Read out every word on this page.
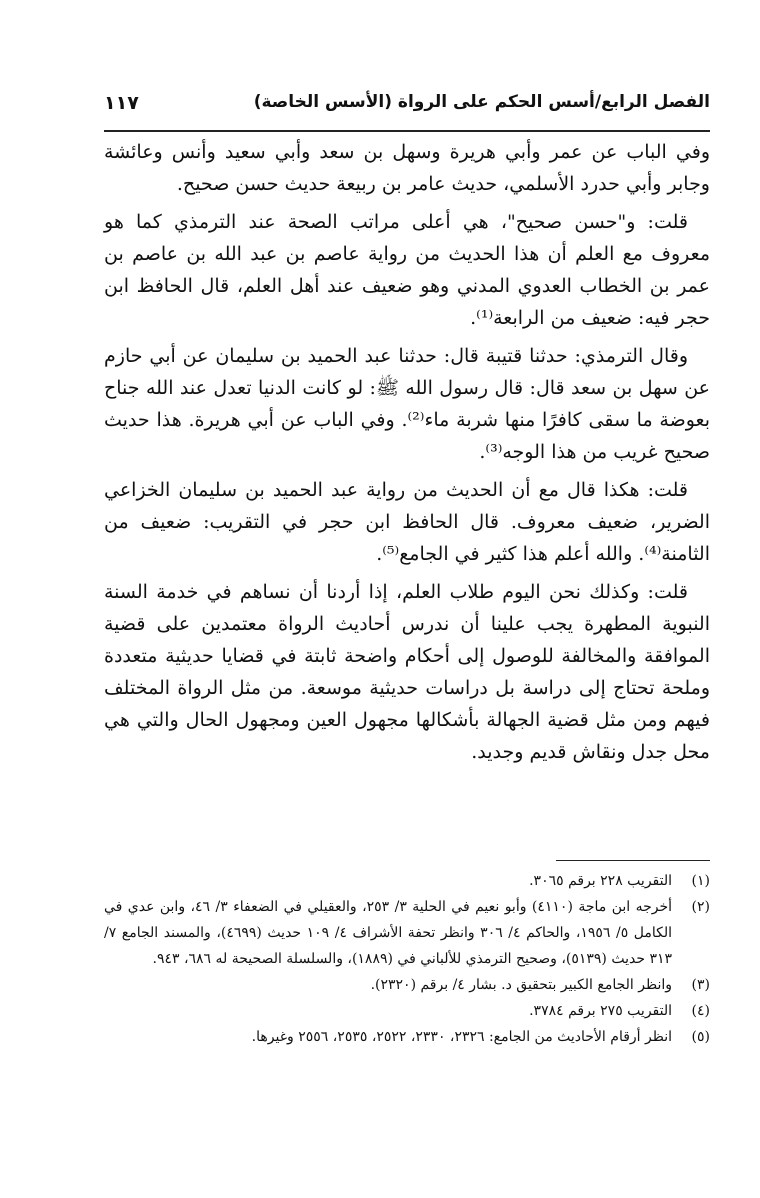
الفصل الرابع/أسس الحكم على الرواة (الأسس الخاصة)
١١٧

وفي الباب عن عمر وأبي هريرة وسهل بن سعد وأبي سعيد وأنس وعائشة وجابر وأبي حدرد الأسلمي، حديث عامر بن ربيعة حديث حسن صحيح.

قلت: و"حسن صحيح"، هي أعلى مراتب الصحة عند الترمذي كما هو معروف مع العلم أن هذا الحديث من رواية عاصم بن عبد الله بن عاصم بن عمر بن الخطاب العدوي المدني وهو ضعيف عند أهل العلم، قال الحافظ ابن حجر فيه: ضعيف من الرابعة⁽¹⁾.

وقال الترمذي: حدثنا قتيبة قال: حدثنا عبد الحميد بن سليمان عن أبي حازم عن سهل بن سعد قال: قال رسول الله ﷺ: لو كانت الدنيا تعدل عند الله جناح بعوضة ما سقى كافرًا منها شربة ماء⁽²⁾. وفي الباب عن أبي هريرة. هذا حديث صحيح غريب من هذا الوجه⁽³⁾.

قلت: هكذا قال مع أن الحديث من رواية عبد الحميد بن سليمان الخزاعي الضرير، ضعيف معروف. قال الحافظ ابن حجر في التقريب: ضعيف من الثامنة⁽⁴⁾. والله أعلم هذا كثير في الجامع⁽⁵⁾.

قلت: وكذلك نحن اليوم طلاب العلم، إذا أردنا أن نساهم في خدمة السنة النبوية المطهرة يجب علينا أن ندرس أحاديث الرواة معتمدين على قضية الموافقة والمخالفة للوصول إلى أحكام واضحة ثابتة في قضايا حديثية متعددة وملحة تحتاج إلى دراسة بل دراسات حديثية موسعة. من مثل الرواة المختلف فيهم ومن مثل قضية الجهالة بأشكالها مجهول العين ومجهول الحال والتي هي محل جدل ونقاش قديم وجديد.

(١)
التقريب ٢٢٨ برقم ٣٠٦٥.
(٢)
أخرجه ابن ماجة (٤١١٠) وأبو نعيم في الحلية ٣/ ٢٥٣، والعقيلي في الضعفاء ٣/ ٤٦، وابن عدي في الكامل ٥/ ١٩٥٦، والحاكم ٤/ ٣٠٦ وانظر تحفة الأشراف ٤/ ١٠٩ حديث (٤٦٩٩)، والمسند الجامع ٧/ ٣١٣ حديث (٥١٣٩)، وصحيح الترمذي للألباني في (١٨٨٩)، والسلسلة الصحيحة له ٦٨٦، ٩٤٣.
(٣)
وانظر الجامع الكبير بتحقيق د. بشار ٤/ برقم (٢٣٢٠).
(٤)
التقريب ٢٧٥ برقم ٣٧٨٤.
(٥)
انظر أرقام الأحاديث من الجامع: ٢٣٢٦، ٢٣٣٠، ٢٥٢٢، ٢٥٣٥، ٢٥٥٦ وغيرها.
